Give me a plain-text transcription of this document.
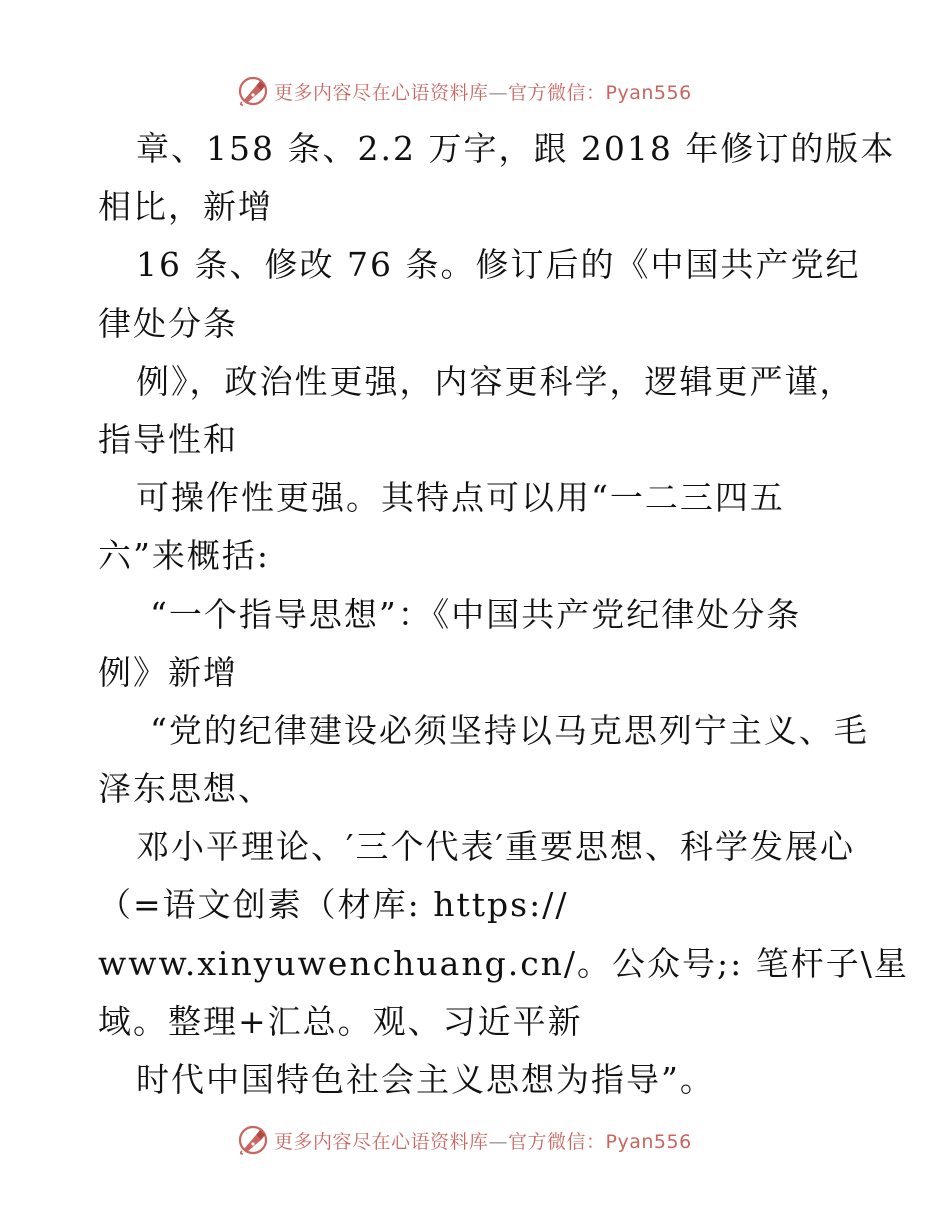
更多内容尽在心语资料库—官方微信：Pyan556
章、158 条、2.2 万字，跟 2018 年修订的版本
相比，新增
16 条、修改 76 条。修订后的《中国共产党纪
律处分条
例》，政治性更强，内容更科学，逻辑更严谨，
指导性和
可操作性更强。其特点可以用“一二三四五
六”来概括:
“一个指导思想”：《中国共产党纪律处分条
例》新增
“党的纪律建设必须坚持以马克思列宁主义、毛
泽东思想、
邓小平理论、′三个代表′重要思想、科学发展心
（=语文创素（材库: https://
www.xinyuwenchuang.cn/。公众号;: 笔杆子\星
域。整理+汇总。观、习近平新
时代中国特色社会主义思想为指导”。
更多内容尽在心语资料库—官方微信：Pyan556
